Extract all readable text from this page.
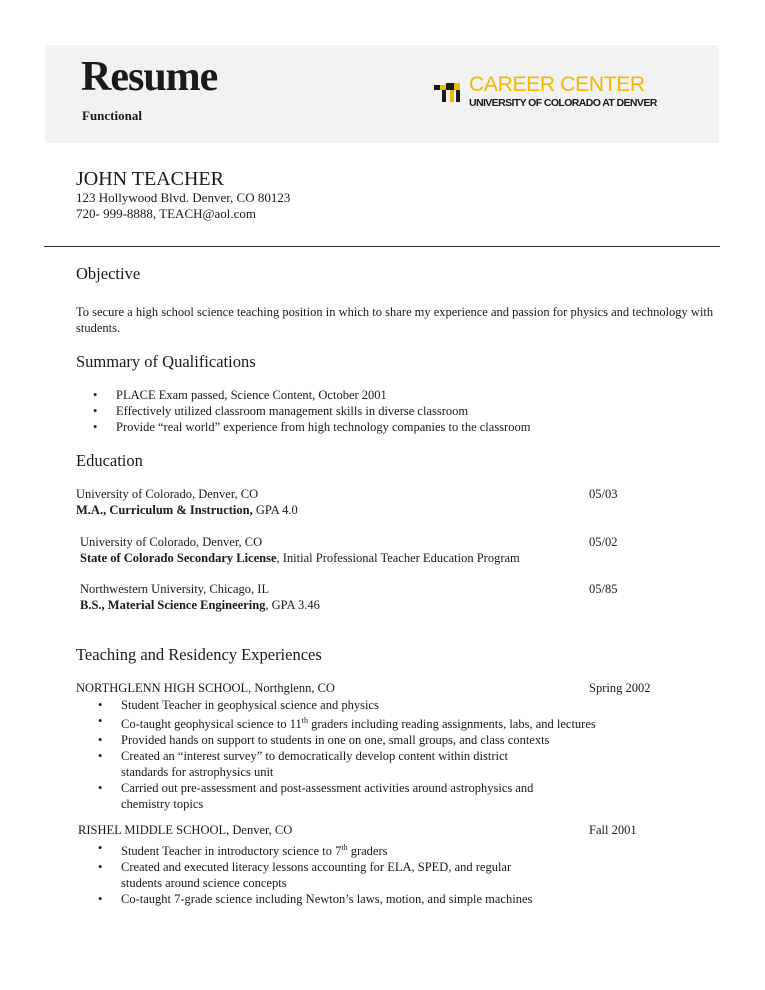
Resume
Functional
CAREER CENTER
UNIVERSITY OF COLORADO AT DENVER
JOHN TEACHER
123 Hollywood Blvd. Denver, CO 80123
720- 999-8888, TEACH@aol.com
Objective
To secure a high school science teaching position in which to share my experience and passion for physics and technology with students.
Summary of Qualifications
• PLACE Exam passed, Science Content, October 2001
• Effectively utilized classroom management skills in diverse classroom
• Provide “real world” experience from high technology companies to the classroom
Education
University of Colorado, Denver, CO	05/03
M.A., Curriculum & Instruction, GPA 4.0
University of Colorado, Denver, CO	05/02
State of Colorado Secondary License, Initial Professional Teacher Education Program
Northwestern University, Chicago, IL	05/85
B.S., Material Science Engineering, GPA 3.46
Teaching and Residency Experiences
NORTHGLENN HIGH SCHOOL, Northglenn, CO	Spring 2002
• Student Teacher in geophysical science and physics
• Co-taught geophysical science to 11th graders including reading assignments, labs, and lectures
• Provided hands on support to students in one on one, small groups, and class contexts
• Created an “interest survey” to democratically develop content within district
standards for astrophysics unit
• Carried out pre-assessment and post-assessment activities around astrophysics and
chemistry topics
RISHEL MIDDLE SCHOOL, Denver, CO	Fall 2001
• Student Teacher in introductory science to 7th graders
• Created and executed literacy lessons accounting for ELA, SPED, and regular
students around science concepts
• Co-taught 7-grade science including Newton’s laws, motion, and simple machines
